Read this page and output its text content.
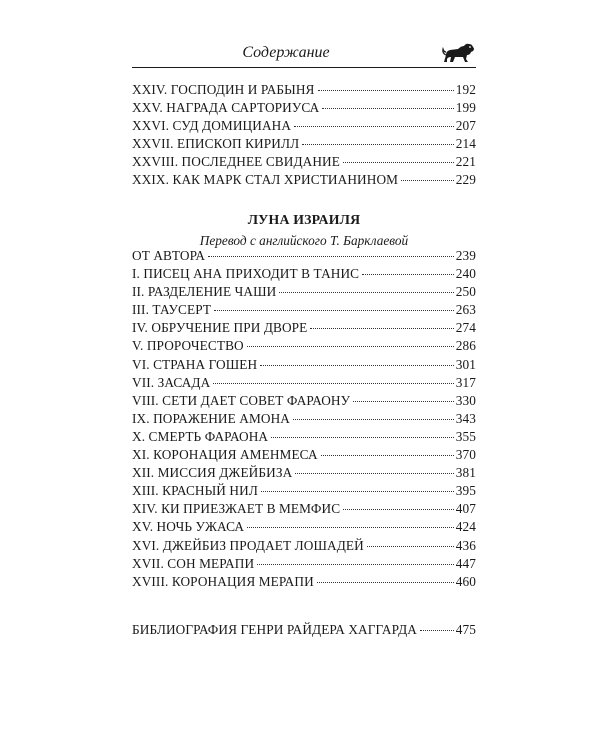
Содержание
XXIV. ГОСПОДИН И РАБЫНЯ	192
XXV. НАГРАДА САРТОРИУСА	199
XXVI. СУД ДОМИЦИАНА	207
XXVII. ЕПИСКОП КИРИЛЛ	214
XXVIII. ПОСЛЕДНЕЕ СВИДАНИЕ	221
XXIX. КАК МАРК СТАЛ ХРИСТИАНИНОМ	229
ЛУНА ИЗРАИЛЯ
Перевод с английского Т. Барклаевой
ОТ АВТОРА	239
I. ПИСЕЦ АНА ПРИХОДИТ В ТАНИС	240
II. РАЗДЕЛЕНИЕ ЧАШИ	250
III. ТАУСЕРТ	263
IV. ОБРУЧЕНИЕ ПРИ ДВОРЕ	274
V. ПРОРОЧЕСТВО	286
VI. СТРАНА ГОШЕН	301
VII. ЗАСАДА	317
VIII. СЕТИ ДАЕТ СОВЕТ ФАРАОНУ	330
IX. ПОРАЖЕНИЕ АМОНА	343
X. СМЕРТЬ ФАРАОНА	355
XI. КОРОНАЦИЯ АМЕНМЕСА	370
XII. МИССИЯ ДЖЕЙБИЗА	381
XIII. КРАСНЫЙ НИЛ	395
XIV. КИ ПРИЕЗЖАЕТ В МЕМФИС	407
XV. НОЧЬ УЖАСА	424
XVI. ДЖЕЙБИЗ ПРОДАЕТ ЛОШАДЕЙ	436
XVII. СОН МЕРАПИ	447
XVIII. КОРОНАЦИЯ МЕРАПИ	460
БИБЛИОГРАФИЯ ГЕНРИ РАЙДЕРА ХАГГАРДА	475
